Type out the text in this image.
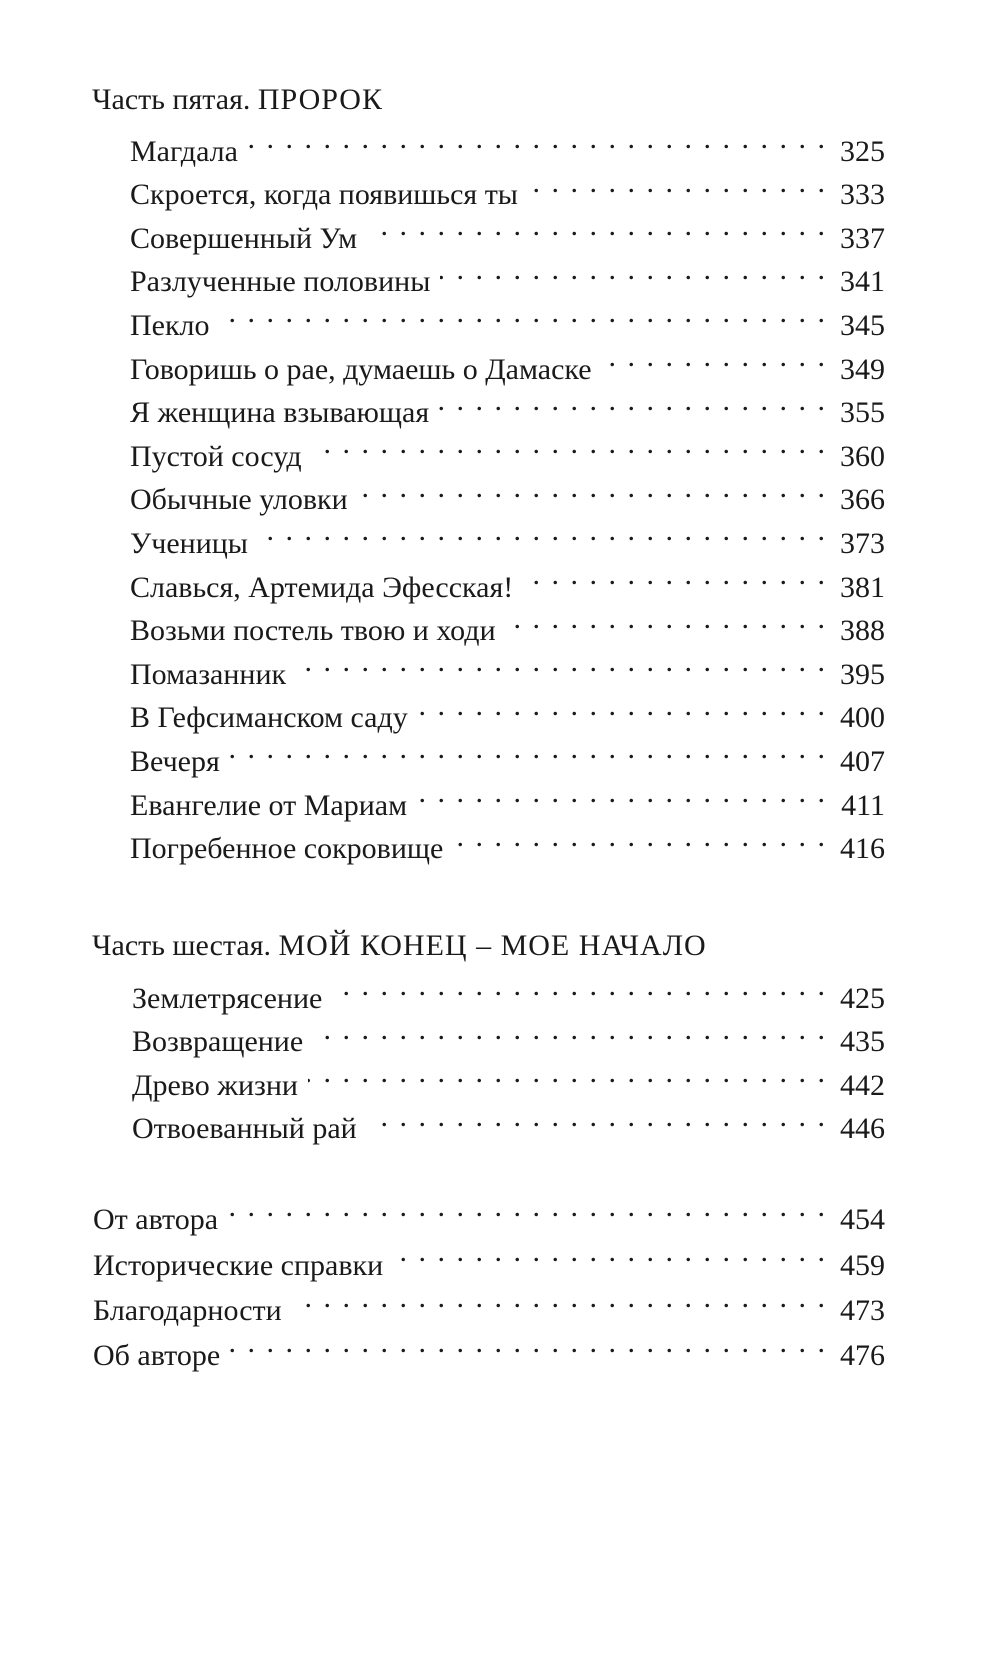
Часть пятая. ПРОРОК
Магдала . . .	325
Скроется, когда появишься ты . . .	333
Совершенный Ум . . .	337
Разлученные половины . . .	341
Пекло . . .	345
Говоришь о рае, думаешь о Дамаске . . .	349
Я женщина взывающая . . .	355
Пустой сосуд . . .	360
Обычные уловки . . .	366
Ученицы . . .	373
Славься, Артемида Эфесская! . . .	381
Возьми постель твою и ходи . . .	388
Помазанник . . .	395
В Гефсиманском саду . . .	400
Вечеря . . .	407
Евангелие от Мариам . . .	411
Погребенное сокровище . . .	416
Часть шестая. МОЙ КОНЕЦ – МОЕ НАЧАЛО
Землетрясение . . .	425
Возвращение . . .	435
Древо жизни . . .	442
Отвоеванный рай . . .	446
От автора . . .	454
Исторические справки . . .	459
Благодарности . . .	473
Об авторе . . .	476
